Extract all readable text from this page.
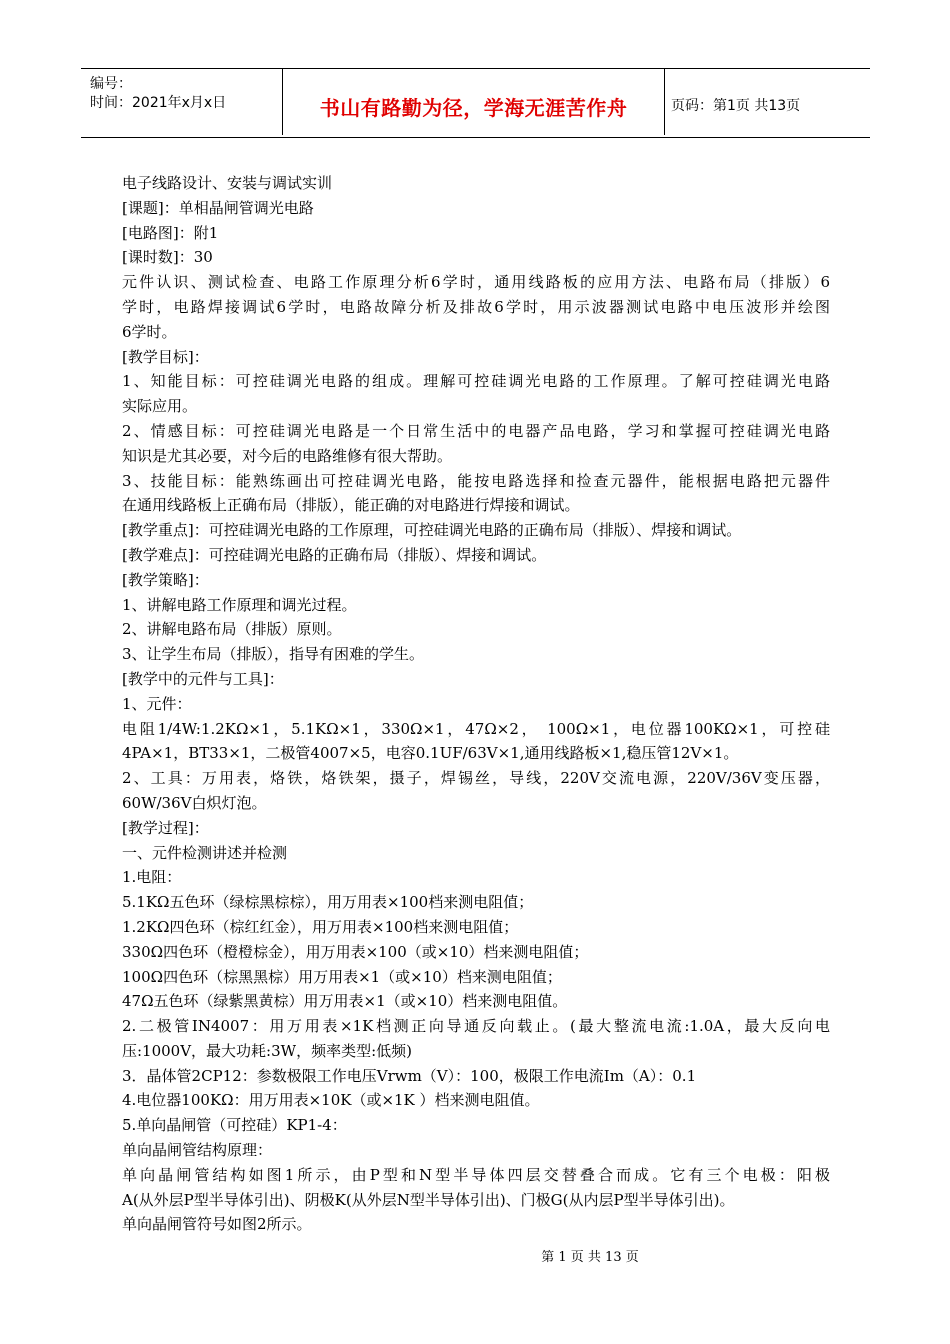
编号：
时间：2021年x月x日	书山有路勤为径，学海无涯苦作舟	页码：第1页 共13页

电子线路设计、安装与调试实训

[课题]：单相晶闸管调光电路

[电路图]：附1

[课时数]：30

元件认识、测试检查、电路工作原理分析6学时，通用线路板的应用方法、电路布局（排版）6

学时，电路焊接调试6学时，电路故障分析及排故6学时，用示波器测试电路中电压波形并绘图

6学时。

[教学目标]：

1、知能目标：可控硅调光电路的组成。理解可控硅调光电路的工作原理。了解可控硅调光电路

实际应用。

2、情感目标：可控硅调光电路是一个日常生活中的电器产品电路，学习和掌握可控硅调光电路

知识是尤其必要，对今后的电路维修有很大帮助。

3、技能目标：能熟练画出可控硅调光电路，能按电路选择和捡查元器件，能根据电路把元器件

在通用线路板上正确布局（排版），能正确的对电路进行焊接和调试。

[教学重点]：可控硅调光电路的工作原理，可控硅调光电路的正确布局（排版）、焊接和调试。

[教学难点]：可控硅调光电路的正确布局（排版）、焊接和调试。

[教学策略]：

1、讲解电路工作原理和调光过程。

2、讲解电路布局（排版）原则。

3、让学生布局（排版），指导有困难的学生。

[教学中的元件与工具]：

1、元件：

电阻1/4W:1.2KΩ×1，5.1KΩ×1，330Ω×1，47Ω×2， 100Ω×1，电位器100KΩ×1，可控硅

4PA×1，BT33×1，二极管4007×5，电容0.1UF/63V×1,通用线路板×1,稳压管12V×1。

2、工具：万用表，烙铁，烙铁架，摄子，焊锡丝，导线，220V交流电源，220V/36V变压器，

60W/36V白炽灯泡。

[教学过程]：

一、元件检测讲述并检测

1.电阻：

5.1KΩ五色环（绿棕黑棕棕），用万用表×100档来测电阻值；

1.2KΩ四色环（棕红红金），用万用表×100档来测电阻值；

330Ω四色环（橙橙棕金），用万用表×100（或×10）档来测电阻值；

100Ω四色环（棕黑黑棕）用万用表×1（或×10）档来测电阻值；

47Ω五色环（绿紫黑黄棕）用万用表×1（或×10）档来测电阻值。

2.二极管IN4007：用万用表×1K档测正向导通反向载止。(最大整流电流:1.0A，最大反向电

压:1000V，最大功耗:3W，频率类型:低频)

3．晶体管2CP12：参数极限工作电压Vrwm（V）：100，极限工作电流Im（A）：0.1

4.电位器100KΩ：用万用表×10K（或×1K ）档来测电阻值。

5.单向晶闸管（可控硅）KP1-4：

单向晶闸管结构原理：

单向晶闸管结构如图1所示，由P型和N型半导体四层交替叠合而成。它有三个电极：阳极

A(从外层P型半导体引出)、阴极K(从外层N型半导体引出)、门极G(从内层P型半导体引出)。

单向晶闸管符号如图2所示。

第 1 页 共 13 页
